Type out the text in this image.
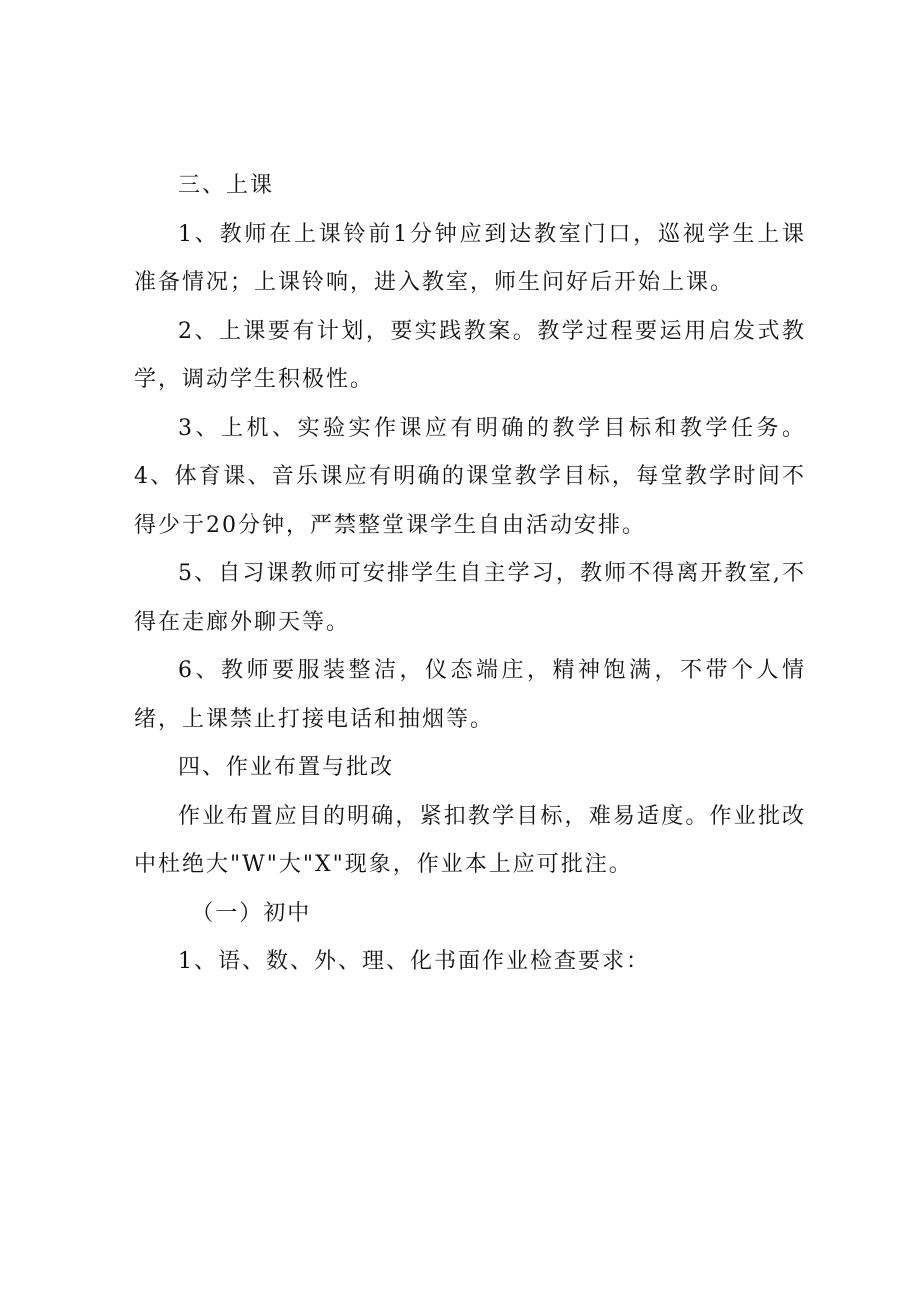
三、上课

1、教师在上课铃前1分钟应到达教室门口，巡视学生上课准备情况；上课铃响，进入教室，师生问好后开始上课。

2、上课要有计划，要实践教案。教学过程要运用启发式教学，调动学生积极性。

3、上机、实验实作课应有明确的教学目标和教学任务。4、体育课、音乐课应有明确的课堂教学目标，每堂教学时间不得少于20分钟，严禁整堂课学生自由活动安排。

5、自习课教师可安排学生自主学习，教师不得离开教室,不得在走廊外聊天等。

6、教师要服装整洁，仪态端庄，精神饱满，不带个人情绪，上课禁止打接电话和抽烟等。

四、作业布置与批改

作业布置应目的明确，紧扣教学目标，难易适度。作业批改中杜绝大"W"大"X"现象，作业本上应可批注。

（一）初中

1、语、数、外、理、化书面作业检查要求：
